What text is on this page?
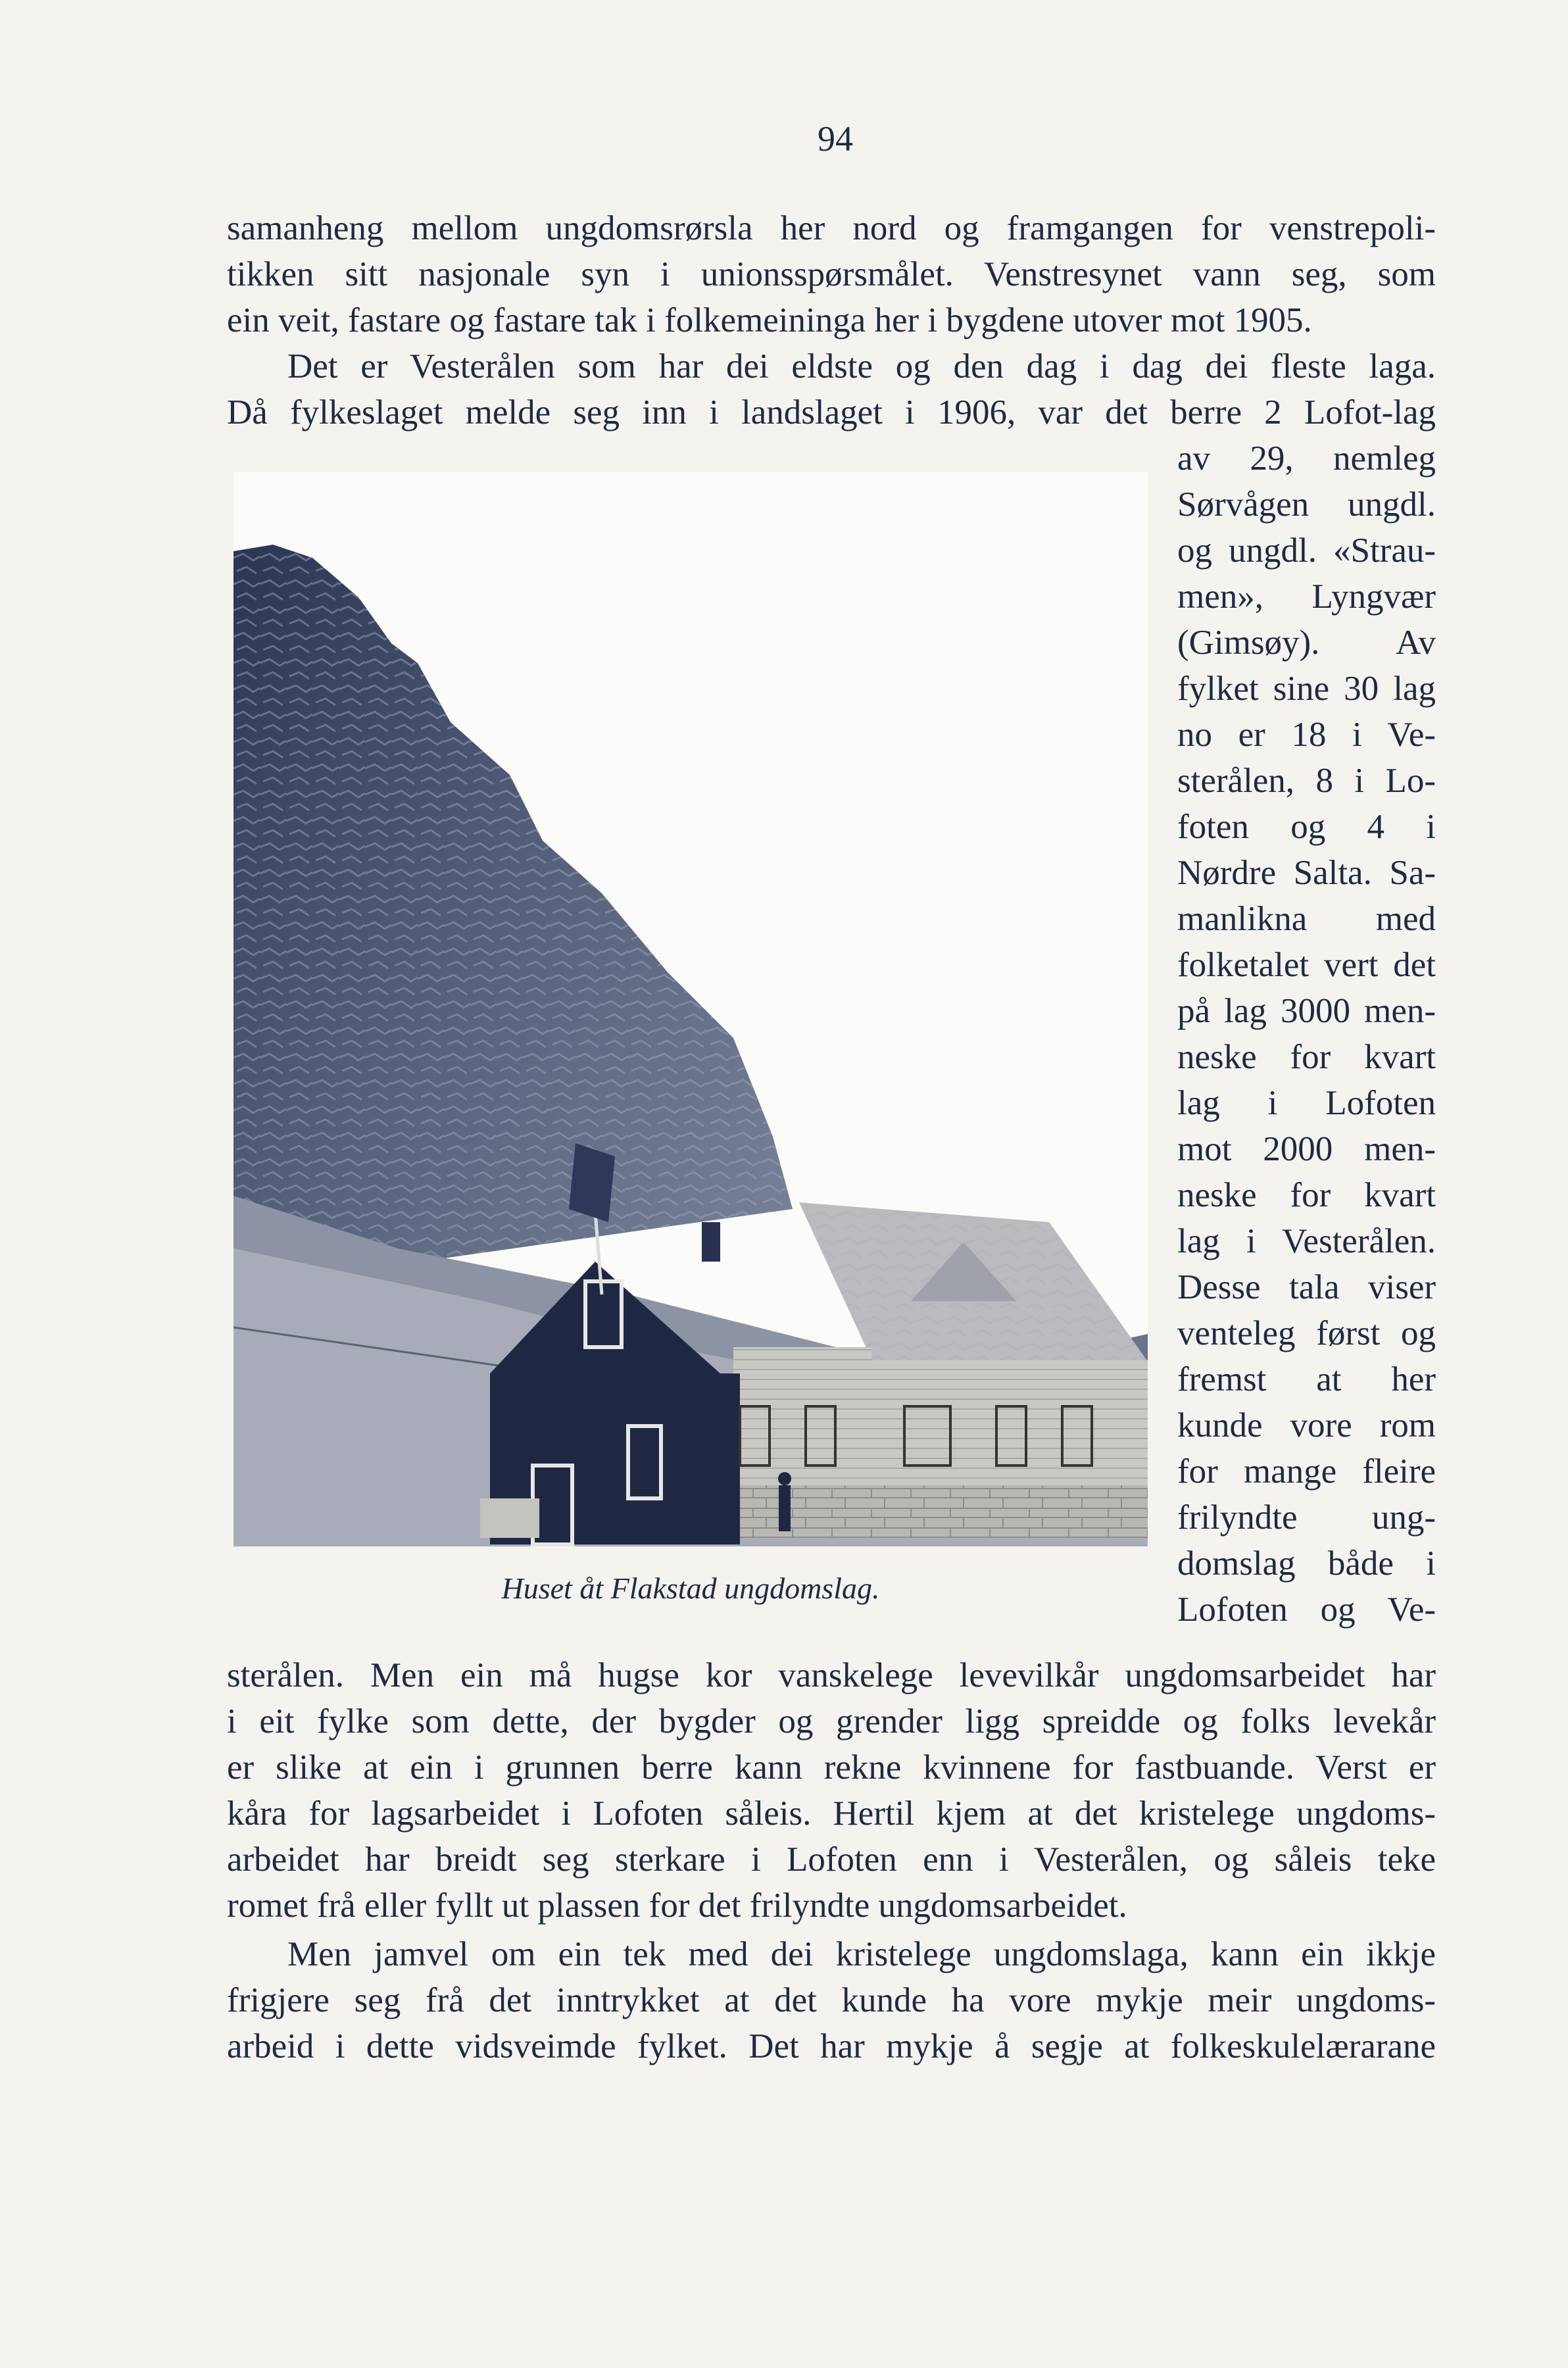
94
samanheng mellom ungdomsrørsla her nord og framgangen for venstrepoli-
tikken sitt nasjonale syn i unionsspørsmålet. Venstresynet vann seg, som
ein veit, fastare og fastare tak i folkemeininga her i bygdene utover mot 1905.
Det er Vesterålen som har dei eldste og den dag i dag dei fleste laga.
Då fylkeslaget melde seg inn i landslaget i 1906, var det berre 2 Lofot-lag
av 29, nemleg
Sørvågen ungdl.
og ungdl. «Strau-
men», Lyngvær
(Gimsøy). Av
fylket sine 30 lag
no er 18 i Ve-
sterålen, 8 i Lo-
foten og 4 i
Nørdre Salta. Sa-
manlikna med
folketalet vert det
på lag 3000 men-
neske for kvart
lag i Lofoten
mot 2000 men-
neske for kvart
lag i Vesterålen.
Desse tala viser
venteleg først og
fremst at her
kunde vore rom
for mange fleire
frilyndte ung-
domslag både i
Lofoten og Ve-
Huset åt Flakstad ungdomslag.
sterålen. Men ein må hugse kor vanskelege levevilkår ungdomsarbeidet har
i eit fylke som dette, der bygder og grender ligg spreidde og folks levekår
er slike at ein i grunnen berre kann rekne kvinnene for fastbuande. Verst er
kåra for lagsarbeidet i Lofoten såleis. Hertil kjem at det kristelege ungdoms-
arbeidet har breidt seg sterkare i Lofoten enn i Vesterålen, og såleis teke
romet frå eller fyllt ut plassen for det frilyndte ungdomsarbeidet.
Men jamvel om ein tek med dei kristelege ungdomslaga, kann ein ikkje
frigjere seg frå det inntrykket at det kunde ha vore mykje meir ungdoms-
arbeid i dette vidsveimde fylket. Det har mykje å segje at folkeskulelærarane
